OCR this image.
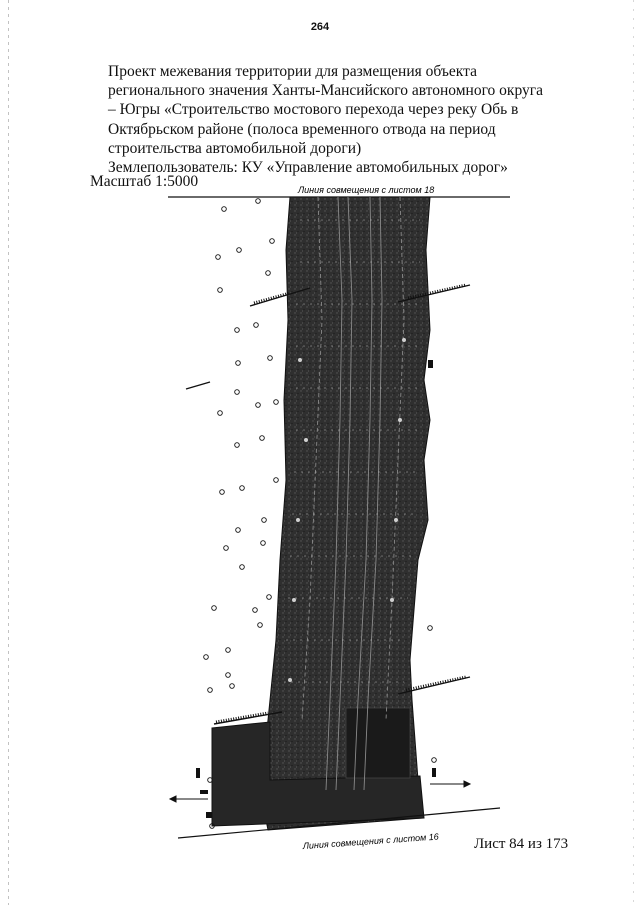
264
Проект межевания территории для размещения объекта
регионального значения Ханты-Мансийского автономного округа
– Югры «Строительство мостового перехода через реку Обь в
Октябрьском районе (полоса временного отвода на период
строительства автомобильной дороги)
Землепользователь: КУ «Управление автомобильных дорог»
Масштаб 1:5000	Линия совмещения с листом 18
Линия совмещения с листом 16 Лист 84 из 173
